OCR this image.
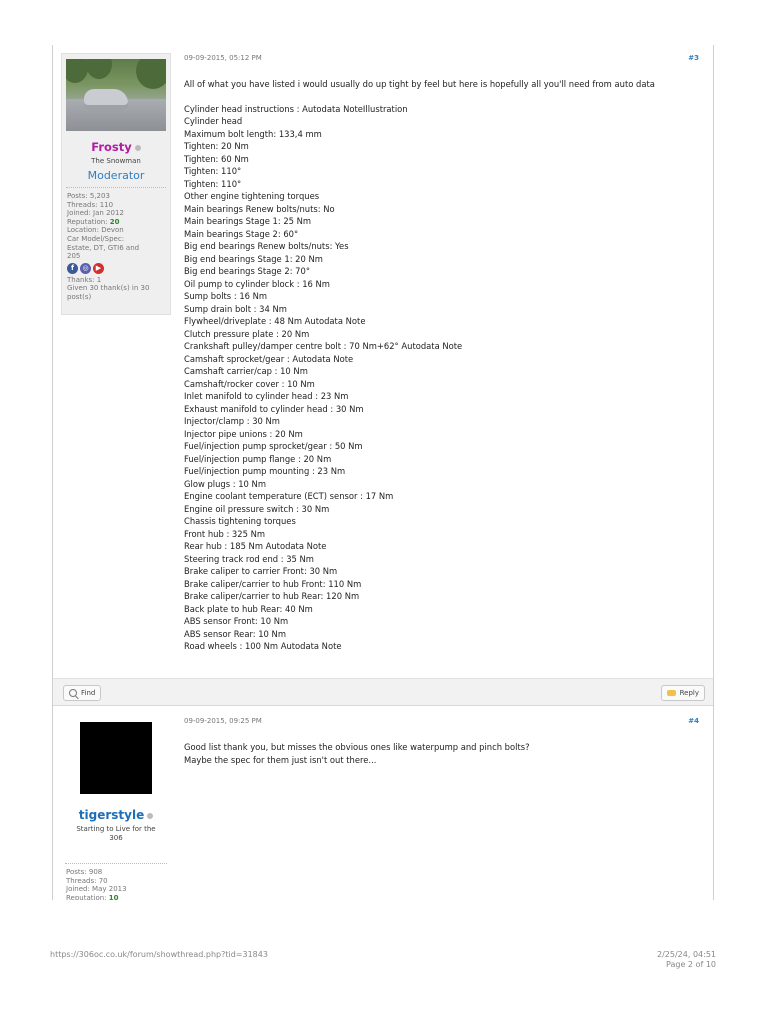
Frosty
The Snowman
Moderator
Posts: 5,203
Threads: 110
Joined: Jan 2012
Reputation: 20
Location: Devon
Car Model/Spec:
Estate, DT, GTI6 and
205
f	◎	▶
Thanks: 1
Given 30 thank(s) in 30
post(s)
09-09-2015, 05:12 PM	#3

All of what you have listed i would usually do up tight by feel but here is hopefully all you'll need from auto data

Cylinder head instructions : Autodata NoteIllustration
Cylinder head
Maximum bolt length: 133,4 mm
Tighten: 20 Nm
Tighten: 60 Nm
Tighten: 110°
Tighten: 110°
Other engine tightening torques
Main bearings Renew bolts/nuts: No
Main bearings Stage 1: 25 Nm
Main bearings Stage 2: 60°
Big end bearings Renew bolts/nuts: Yes
Big end bearings Stage 1: 20 Nm
Big end bearings Stage 2: 70°
Oil pump to cylinder block : 16 Nm
Sump bolts : 16 Nm
Sump drain bolt : 34 Nm
Flywheel/driveplate : 48 Nm Autodata Note
Clutch pressure plate : 20 Nm
Crankshaft pulley/damper centre bolt : 70 Nm+62° Autodata Note
Camshaft sprocket/gear : Autodata Note
Camshaft carrier/cap : 10 Nm
Camshaft/rocker cover : 10 Nm
Inlet manifold to cylinder head : 23 Nm
Exhaust manifold to cylinder head : 30 Nm
Injector/clamp : 30 Nm
Injector pipe unions : 20 Nm
Fuel/injection pump sprocket/gear : 50 Nm
Fuel/injection pump flange : 20 Nm
Fuel/injection pump mounting : 23 Nm
Glow plugs : 10 Nm
Engine coolant temperature (ECT) sensor : 17 Nm
Engine oil pressure switch : 30 Nm
Chassis tightening torques
Front hub : 325 Nm
Rear hub : 185 Nm Autodata Note
Steering track rod end : 35 Nm
Brake caliper to carrier Front: 30 Nm
Brake caliper/carrier to hub Front: 110 Nm
Brake caliper/carrier to hub Rear: 120 Nm
Back plate to hub Rear: 40 Nm
ABS sensor Front: 10 Nm
ABS sensor Rear: 10 Nm
Road wheels : 100 Nm Autodata Note
Find	Reply
tigerstyle
Starting to Live for the 306
Posts: 908
Threads: 70
Joined: May 2013
Reputation: 10
09-09-2015, 09:25 PM	#4
Good list thank you, but misses the obvious ones like waterpump and pinch bolts?
Maybe the spec for them just isn't out there...
https://306oc.co.uk/forum/showthread.php?tid=31843	2/25/24, 04:51
Page 2 of 10
